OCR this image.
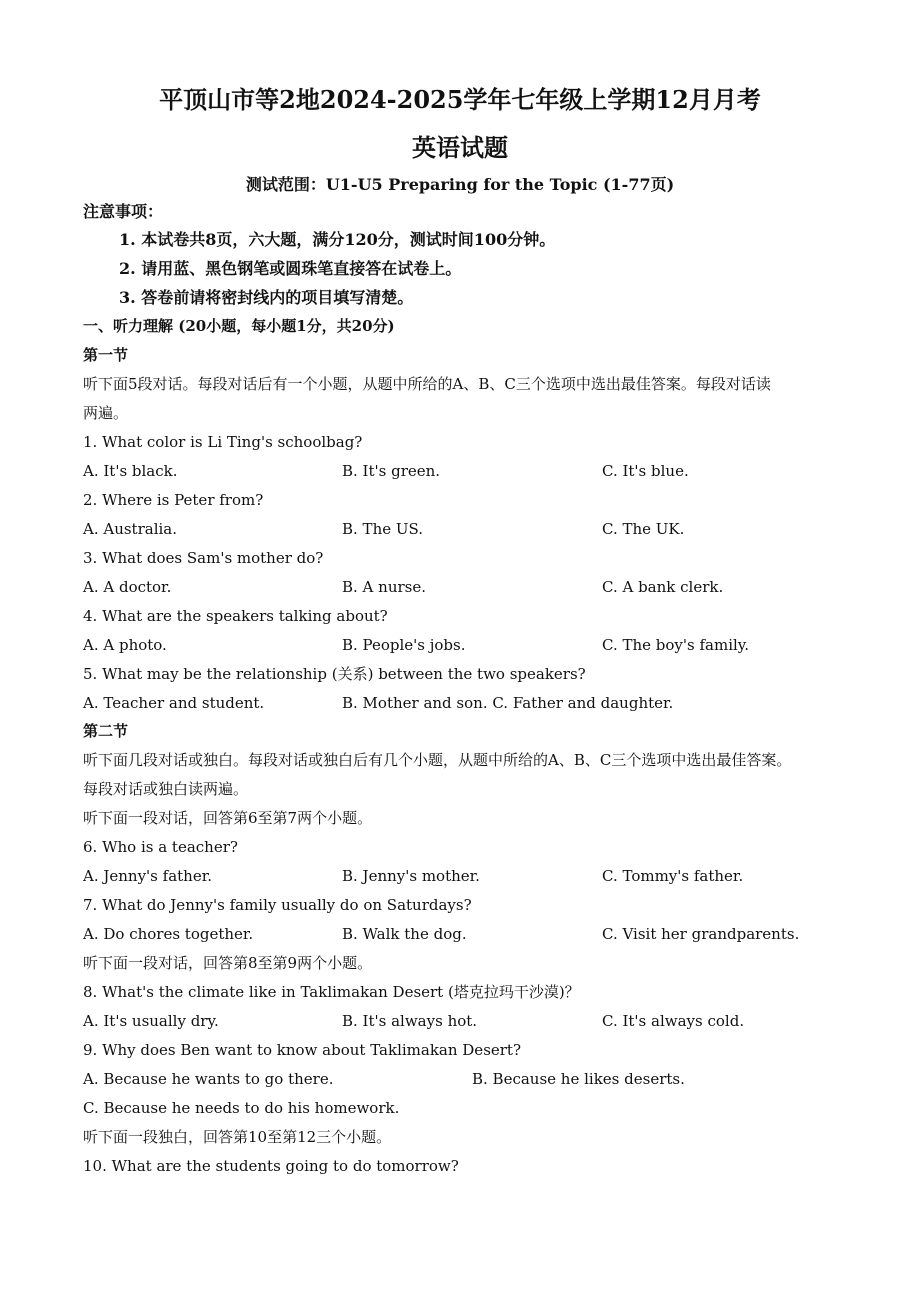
平顶山市等2地2024-2025学年七年级上学期12月月考
英语试题
测试范围：U1-U5 Preparing for the Topic (1-77页)
注意事项：
1. 本试卷共8页，六大题，满分120分，测试时间100分钟。
2. 请用蓝、黑色钢笔或圆珠笔直接答在试卷上。
3. 答卷前请将密封线内的项目填写清楚。
一、听力理解 (20小题，每小题1分，共20分)
第一节
听下面5段对话。每段对话后有一个小题，从题中所给的A、B、C三个选项中选出最佳答案。每段对话读
两遍。
1. What color is Li Ting's schoolbag?
A. It's black.	B. It's green.	C. It's blue.
2. Where is Peter from?
A. Australia.	B. The US.	C. The UK.
3. What does Sam's mother do?
A. A doctor.	B. A nurse.	C. A bank clerk.
4. What are the speakers talking about?
A. A photo.	B. People's jobs.	C. The boy's family.
5. What may be the relationship (关系) between the two speakers?
A. Teacher and student.	B. Mother and son. C. Father and daughter.
第二节
听下面几段对话或独白。每段对话或独白后有几个小题，从题中所给的A、B、C三个选项中选出最佳答案。
每段对话或独白读两遍。
听下面一段对话，回答第6至第7两个小题。
6. Who is a teacher?
A. Jenny's father.	B. Jenny's mother.	C. Tommy's father.
7. What do Jenny's family usually do on Saturdays?
A. Do chores together.	B. Walk the dog.	C. Visit her grandparents.
听下面一段对话，回答第8至第9两个小题。
8. What's the climate like in Taklimakan Desert (塔克拉玛干沙漠)？
A. It's usually dry.	B. It's always hot.	C. It's always cold.
9. Why does Ben want to know about Taklimakan Desert?
A. Because he wants to go there.	B. Because he likes deserts.
C. Because he needs to do his homework.
听下面一段独白，回答第10至第12三个小题。
10. What are the students going to do tomorrow?
